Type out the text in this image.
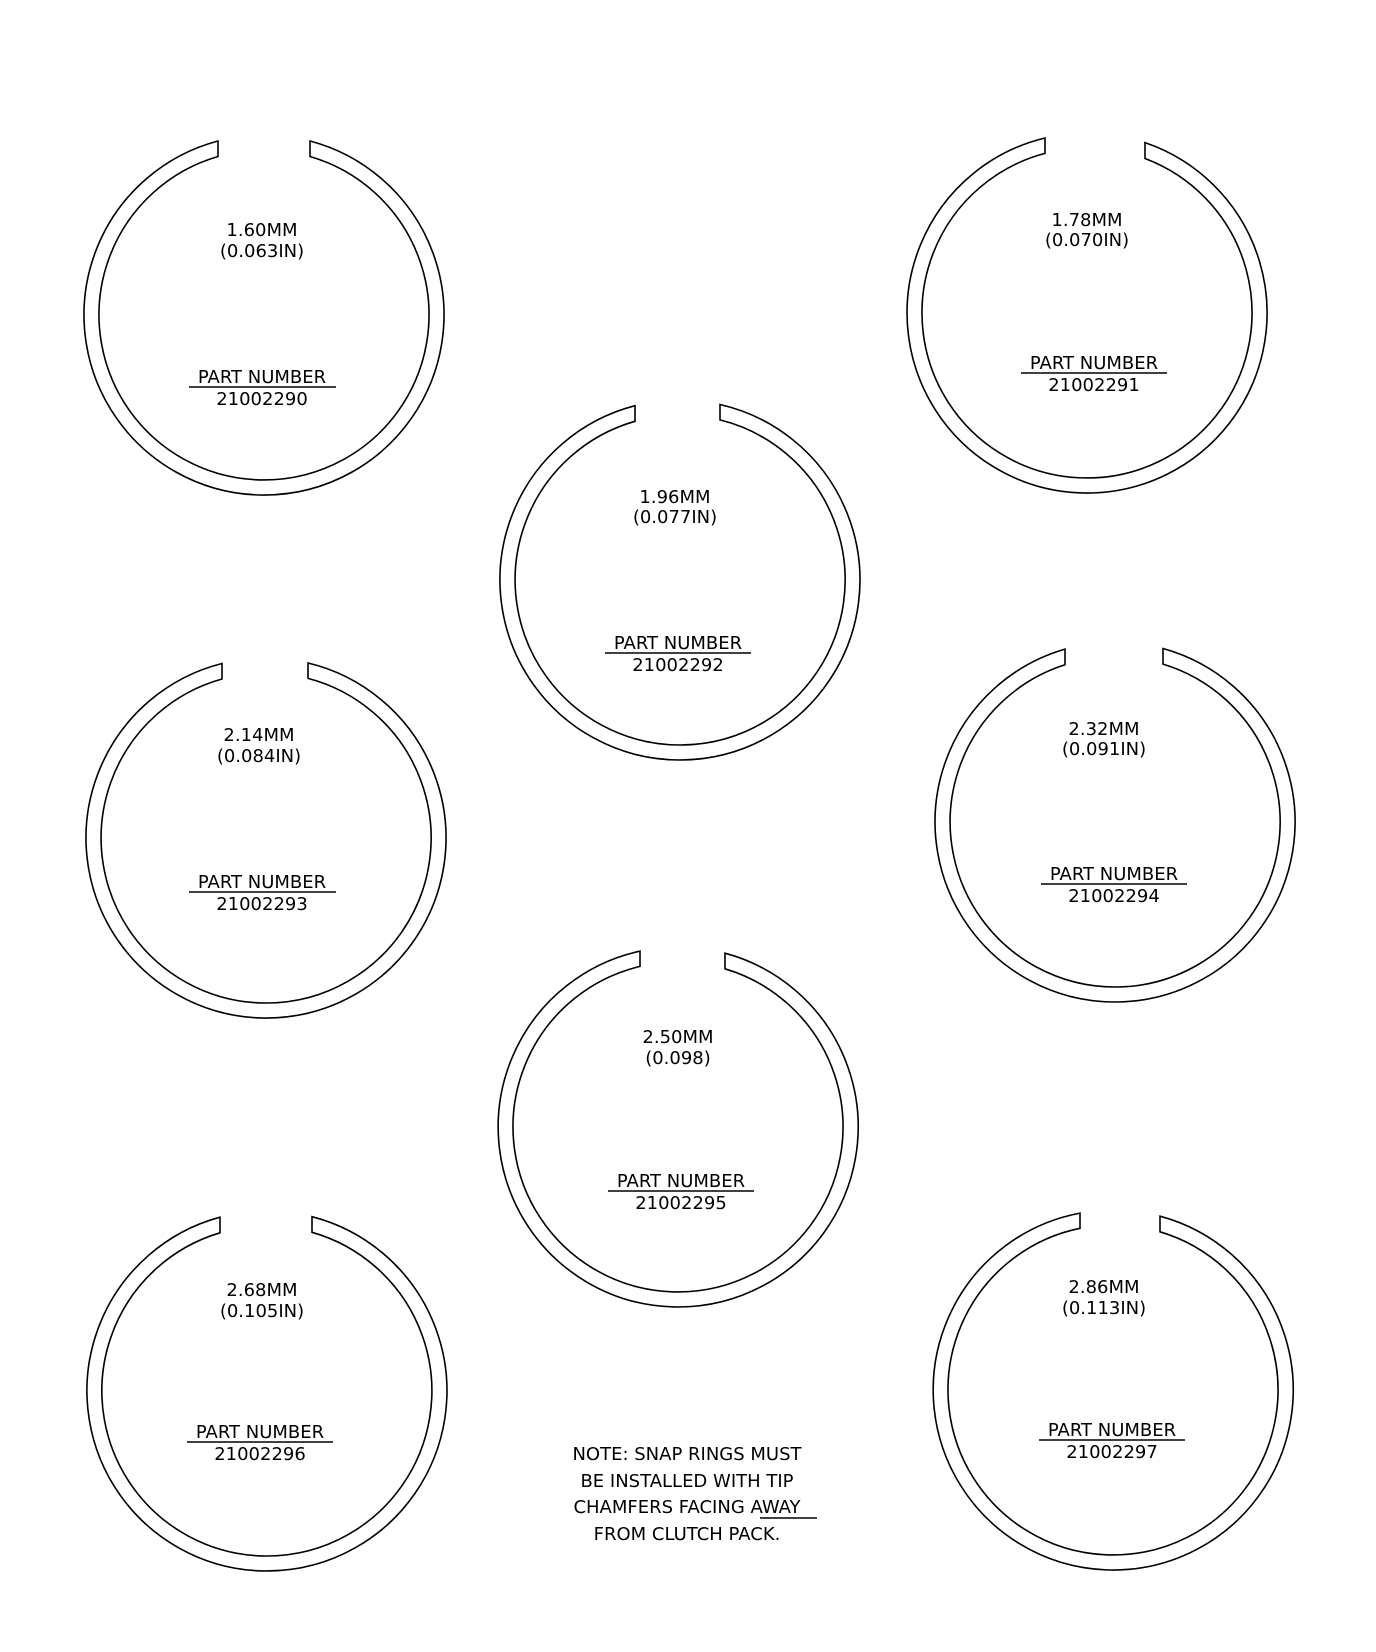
1.60MM
(0.063IN)
PART NUMBER
21002290
1.78MM
(0.070IN)
PART NUMBER
21002291
1.96MM
(0.077IN)
PART NUMBER
21002292
2.14MM
(0.084IN)
PART NUMBER
21002293
2.32MM
(0.091IN)
PART NUMBER
21002294
2.50MM
(0.098)
PART NUMBER
21002295
2.68MM
(0.105IN)
PART NUMBER
21002296
2.86MM
(0.113IN)
PART NUMBER
21002297
NOTE: SNAP RINGS MUST
BE INSTALLED WITH TIP
CHAMFERS FACING AWAY
FROM CLUTCH PACK.
